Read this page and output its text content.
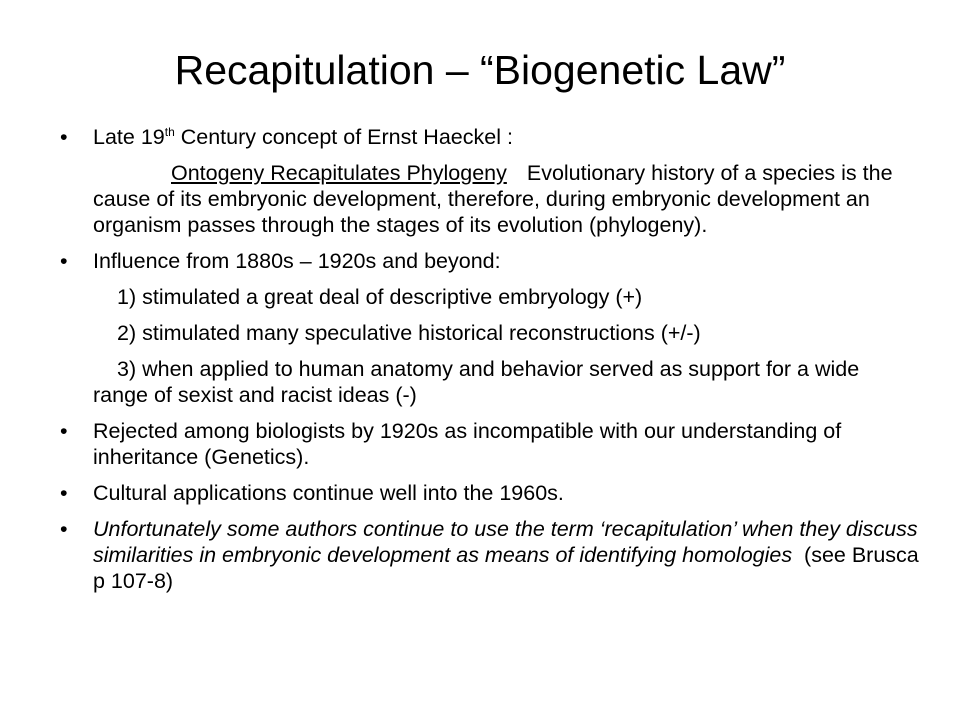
Recapitulation – “Biogenetic Law”
• Late 19th Century concept of Ernst Haeckel :
Ontogeny Recapitulates Phylogeny Evolutionary history of a species is the cause of its embryonic development, therefore, during embryonic development an organism passes through the stages of its evolution (phylogeny).
• Influence from 1880s – 1920s and beyond:
1) stimulated a great deal of descriptive embryology (+)
2) stimulated many speculative historical reconstructions (+/-)
3) when applied to human anatomy and behavior served as support for a wide range of sexist and racist ideas (-)
• Rejected among biologists by 1920s as incompatible with our understanding of inheritance (Genetics).
• Cultural applications continue well into the 1960s.
• Unfortunately some authors continue to use the term ‘recapitulation’ when they discuss similarities in embryonic development as means of identifying homologies  (see Brusca p 107-8)
